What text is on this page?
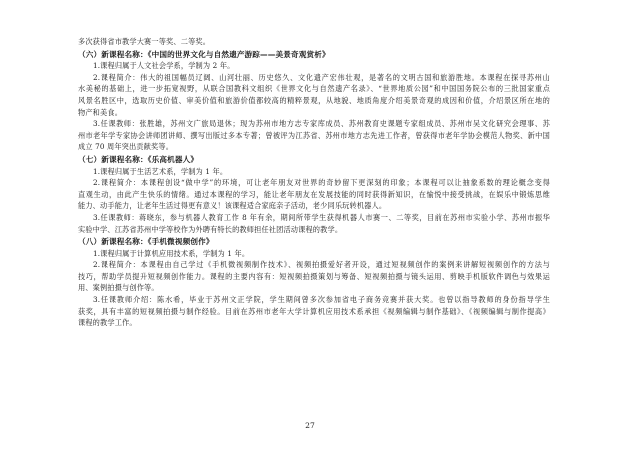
多次获得省市教学大赛一等奖、二等奖。
（六）新课程名称：《中国的世界文化与自然遗产游踪——美景奇观赏析》
1.课程归属于人文社会学系，学制为 2 年。
2.课程简介：伟大的祖国幅员辽阔、山河壮丽、历史悠久、文化遗产宏伟壮观，是著名的文明古国和旅游胜地。本课程在探寻苏州山
水美秘的基础上，进一步拓宽视野，从联合国教科文组织《世界文化与自然遗产名录》、“世界地质公园”和中国国务院公布的三批国家重点
风景名胜区中，选取历史价值、审美价值和旅游价值都较高的精粹景观，从地貌、地质角度介绍美景奇观的成因和价值，介绍景区所在地的
物产和美食。
3.任课教师：张胜雄，苏州文广旅局退休；现为苏州市地方志专家库成员、苏州教育史课题专家组成员、苏州市吴文化研究会理事、苏
州市老年学专家协会讲师团讲师、撰写出版过多本专著；曾被评为江苏省、苏州市地方志先进工作者，曾获得市老年学协会模范人物奖、新中国
成立 70 周年突出贡献奖等。
（七）新课程名称：《乐高机器人》
1.课程归属于生活艺术系，学制为 1 年。
2.课程简介：本课程创设“做中学”的环境，可让老年朋友对世界的奇妙留下更深刻的印象；本课程可以让抽象系数的理论概念变得
直观生动，由此产生快乐的情绪。通过本课程的学习，能让老年朋友在发展技能的同时获得新知识，在愉悦中接受挑战，在娱乐中锻炼思维
能力、动手能力，让老年生活过得更有意义！该课程适合家庭亲子活动，老少同乐玩转机器人。
3.任课教师：蒋晓东，参与机器人教育工作 8 年有余，期间所带学生获得机器人市赛一、二等奖，目前在苏州市实验小学、苏州市振华
实验中学、江苏省苏州中学等校作为外聘有特长的教师担任社团活动课程的教学。
（八）新课程名称：《手机微视频创作》
1.课程归属于计算机应用技术系，学制为 1 年。
2.课程简介：本课程由自己学过《手机微视频制作技术》、视频拍摄爱好者开设，通过短视频创作的案例来讲解短视频创作的方法与
技巧，帮助学员提升短视频创作能力。课程的主要内容有：短视频拍摄策划与筹备、短视频拍摄与镜头运用、剪映手机版软件调色与效果运
用、案例拍摄与创作等。
3.任课教师介绍：陈水希，毕业于苏州文正学院，学生期间曾多次参加省电子商务竞赛并获大奖。也曾以指导教师的身份指导学生
获奖，具有丰富的短视频拍摄与制作经验。目前在苏州市老年大学计算机应用技术系承担《视频编辑与制作基础》、《视频编辑与制作提高》
课程的教学工作。
27
